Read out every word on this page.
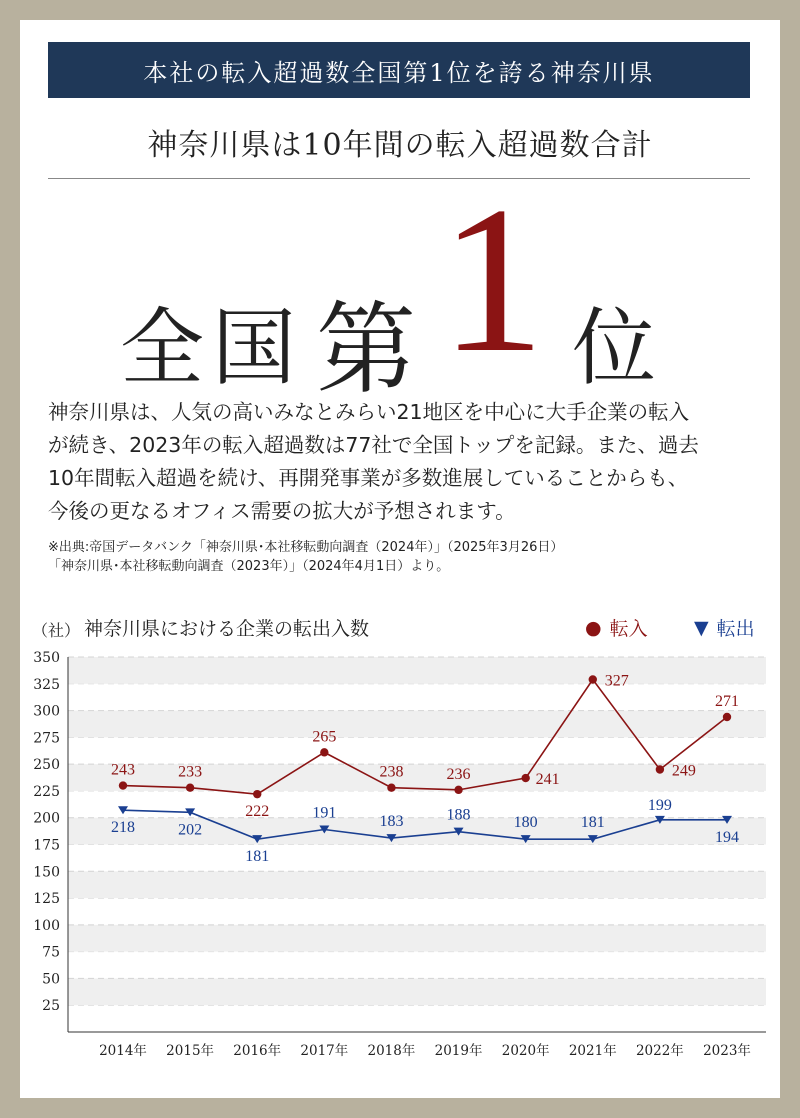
本社の転入超過数全国第1位を誇る神奈川県
神奈川県は10年間の転入超過数合計
全 国 第 1 位

神奈川県は、人気の高いみなとみらい21地区を中心に大手企業の転入
が続き、2023年の転入超過数は77社で全国トップを記録。また、過去
10年間転入超過を続け、再開発事業が多数進展していることからも、
今後の更なるオフィス需要の拡大が予想されます。

※出典:帝国データバンク「神奈川県･本社移転動向調査（2024年）」（2025年3月26日）
「神奈川県･本社移転動向調査（2023年）」（2024年4月1日）より。

（社） 神奈川県における企業の転出入数	● 転入 ▼ 転出
25
50
75
100
125
150
175
200
225
250
275
300
325
350
2014年 2015年 2016年 2017年 2018年 2019年 2020年 2021年 2022年 2023年
243	233
222
265
238	236	241
327
249
271
218	202
181
191
183	188	180	181
199
194
